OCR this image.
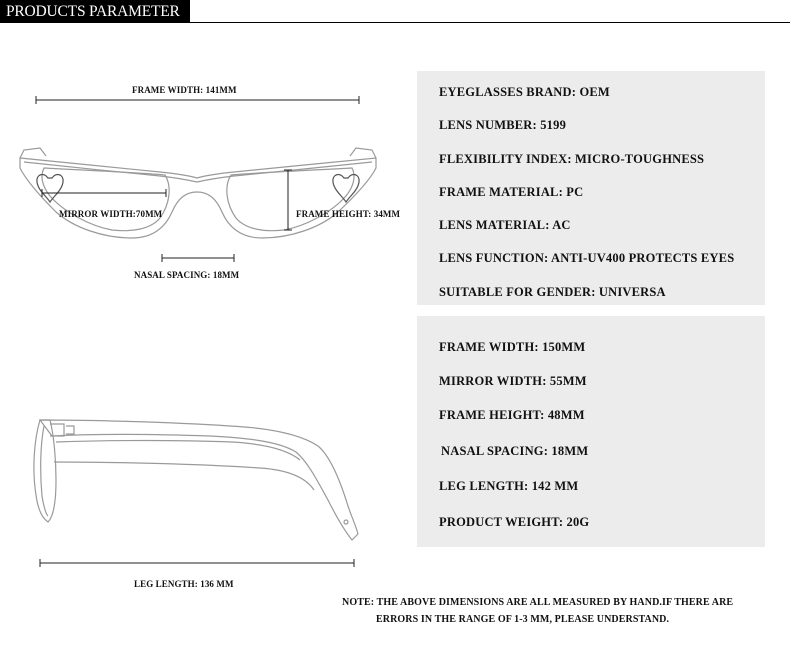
PRODUCTS PARAMETER
FRAME WIDTH: 141MM
MIRROR WIDTH:70MM	FRAME HEIGHT: 34MM
NASAL SPACING: 18MM
LEG LENGTH: 136 MM
EYEGLASSES BRAND: OEM
LENS NUMBER: 5199
FLEXIBILITY INDEX: MICRO-TOUGHNESS
FRAME MATERIAL: PC
LENS MATERIAL: AC
LENS FUNCTION: ANTI-UV400 PROTECTS EYES
SUITABLE FOR GENDER: UNIVERSA
FRAME WIDTH: 150MM
MIRROR WIDTH: 55MM
FRAME HEIGHT: 48MM
NASAL SPACING: 18MM
LEG LENGTH: 142 MM
PRODUCT WEIGHT: 20G
NOTE: THE ABOVE DIMENSIONS ARE ALL MEASURED BY HAND.IF THERE ARE
ERRORS IN THE RANGE OF 1-3 MM, PLEASE UNDERSTAND.
